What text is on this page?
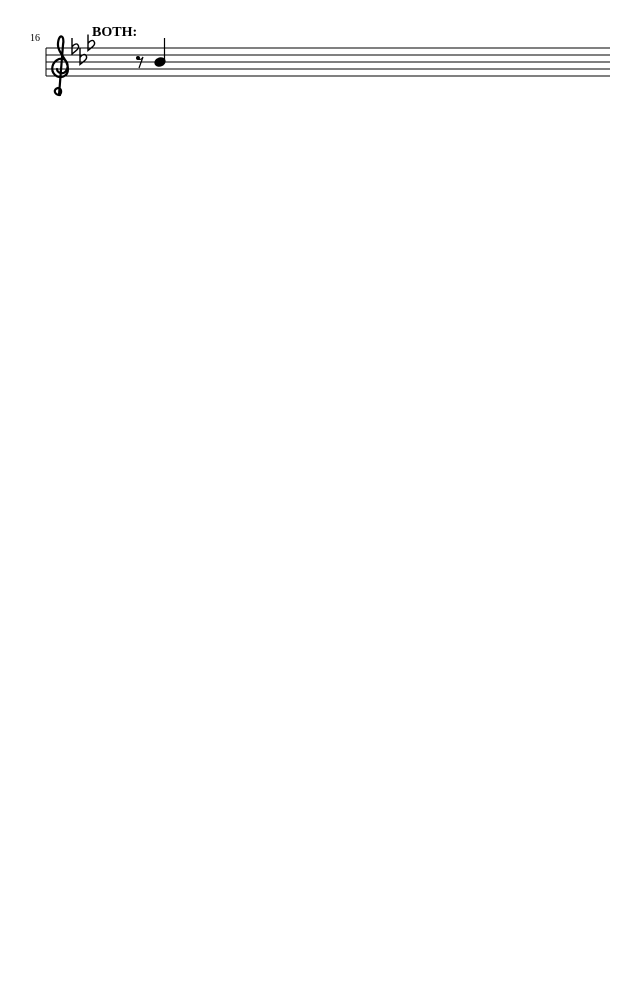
16	BOTH:
